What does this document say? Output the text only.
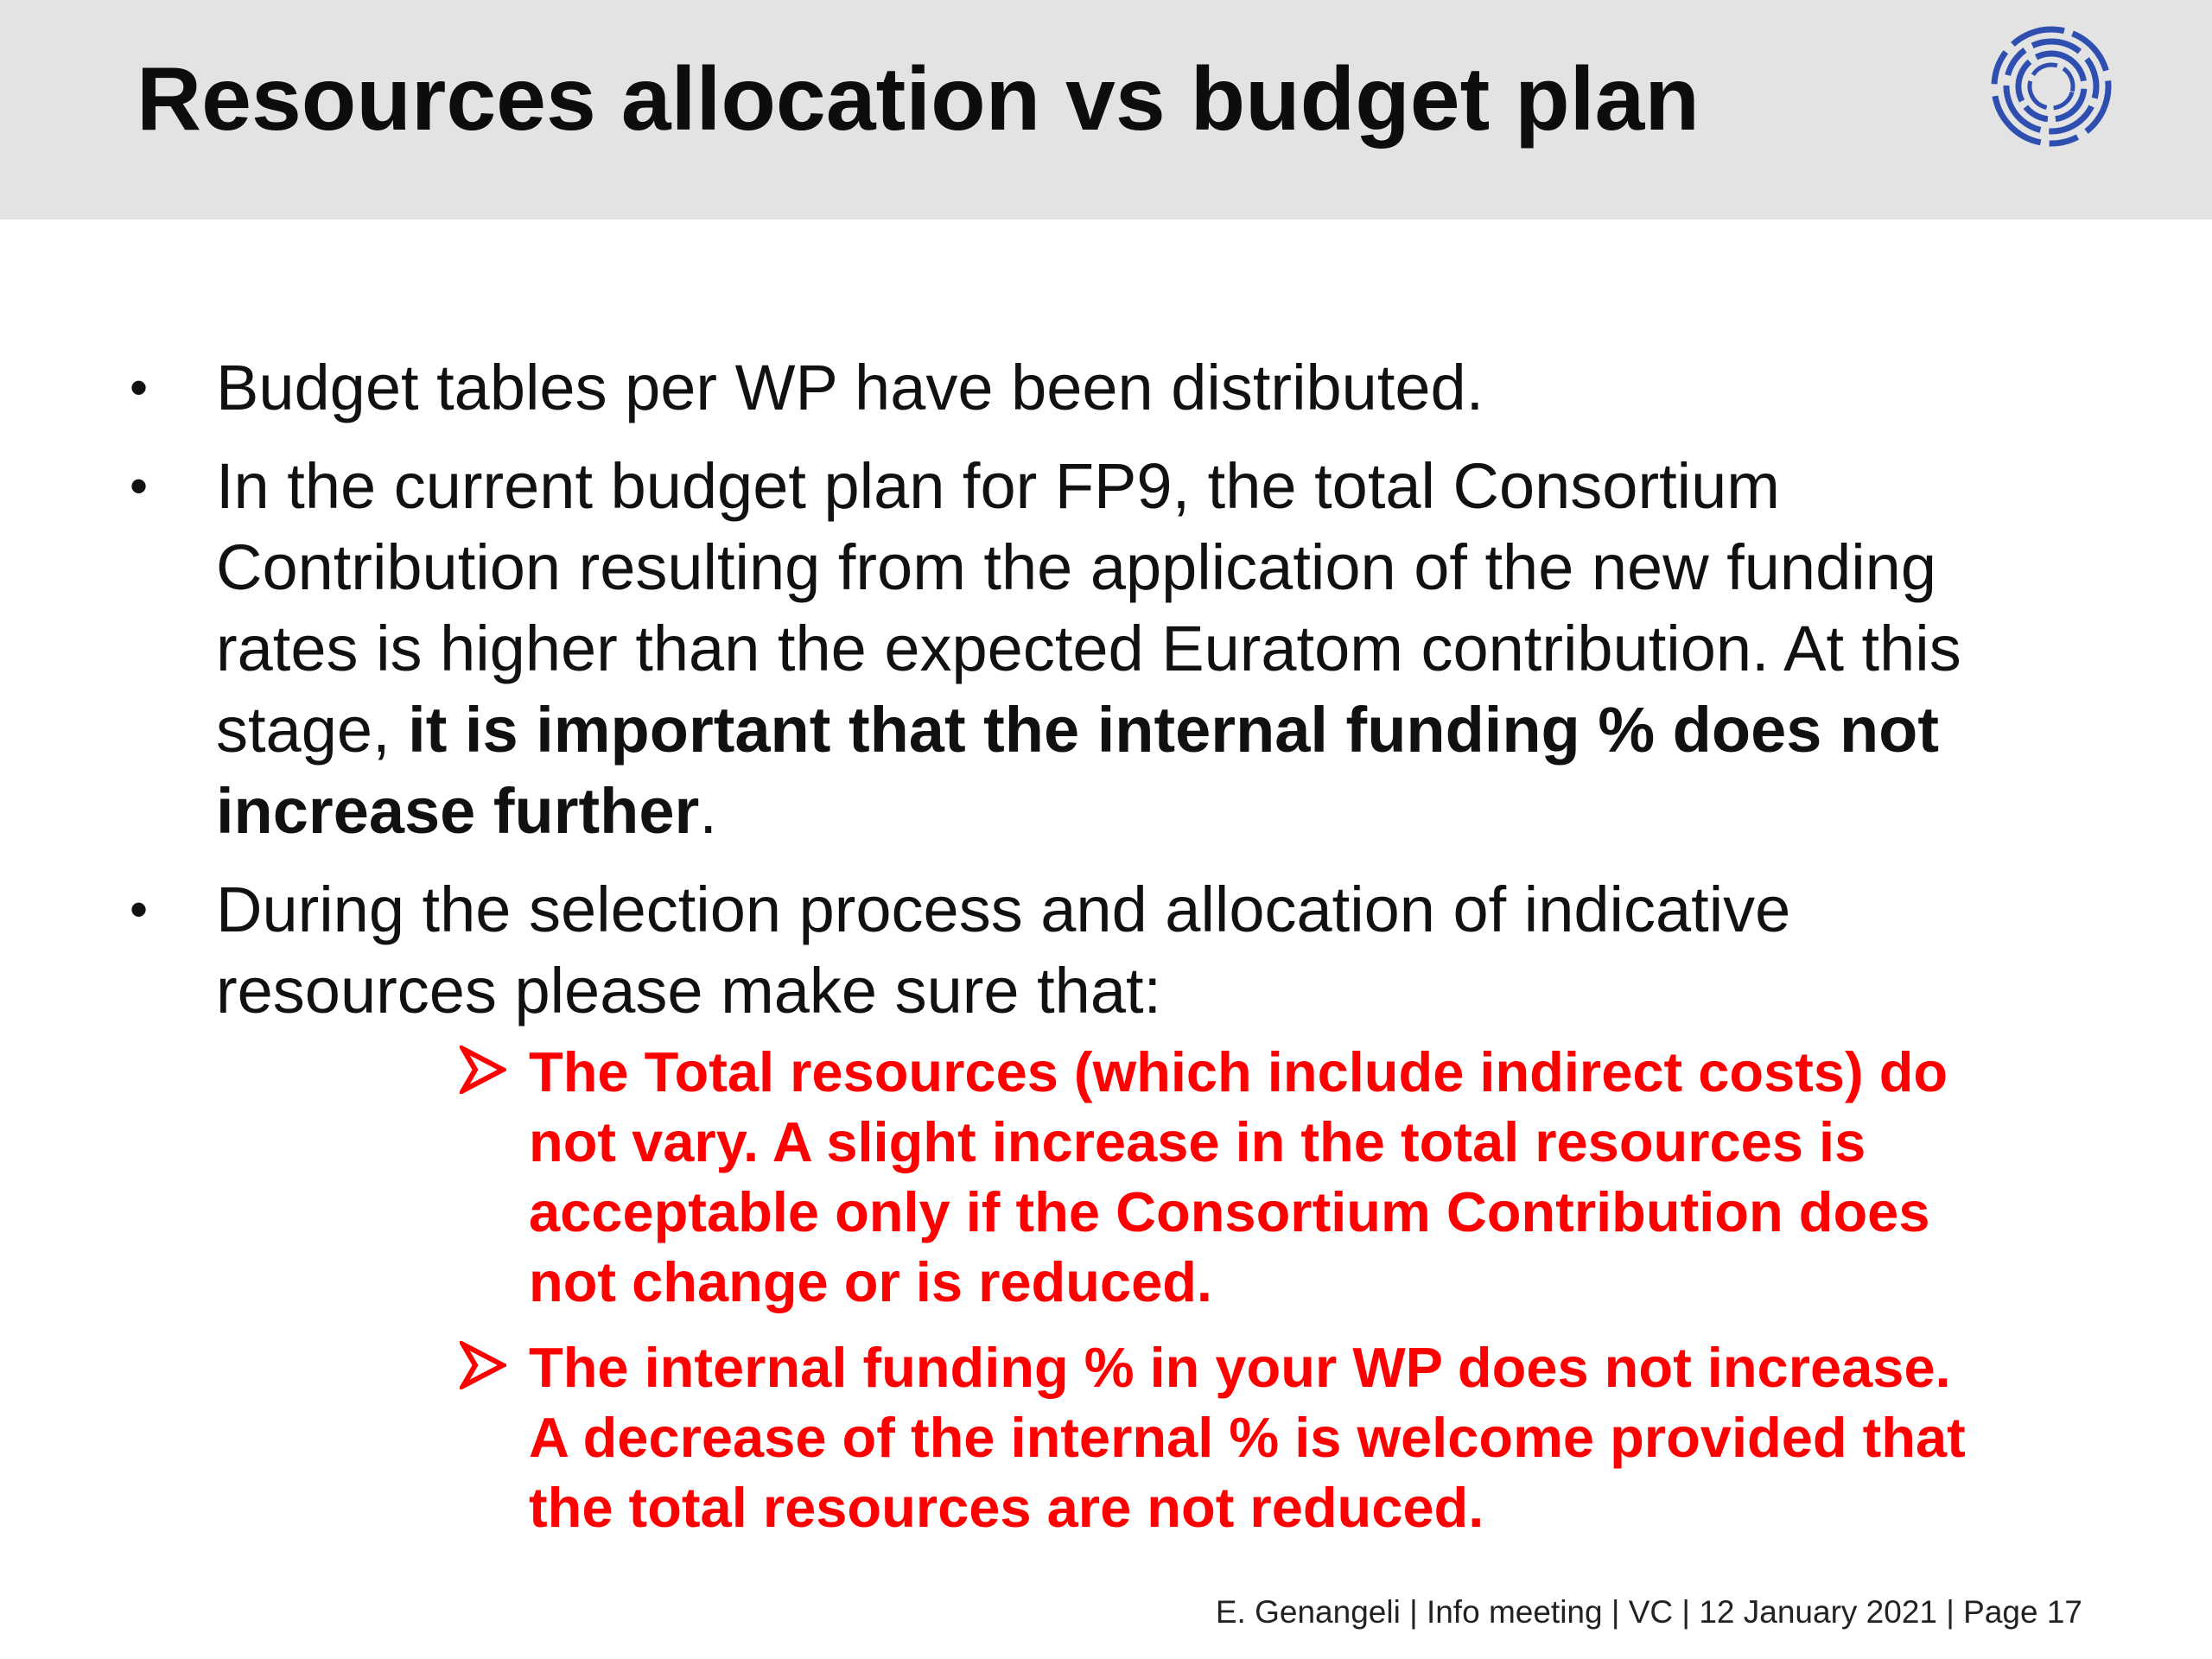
Resources allocation vs budget plan
• Budget tables per WP have been distributed.
• In the current budget plan for FP9, the total Consortium Contribution resulting from the application of the new funding rates is higher than the expected Euratom contribution. At this stage, it is important that the internal funding % does not increase further.
• During the selection process and allocation of indicative resources please make sure that:
The Total resources (which include indirect costs) do not vary. A slight increase in the total resources is acceptable only if the Consortium Contribution does not change or is reduced.
The internal funding % in your WP does not increase. A decrease of the internal % is welcome provided that the total resources are not reduced.
E. Genangeli | Info meeting | VC | 12 January 2021 | Page 17
